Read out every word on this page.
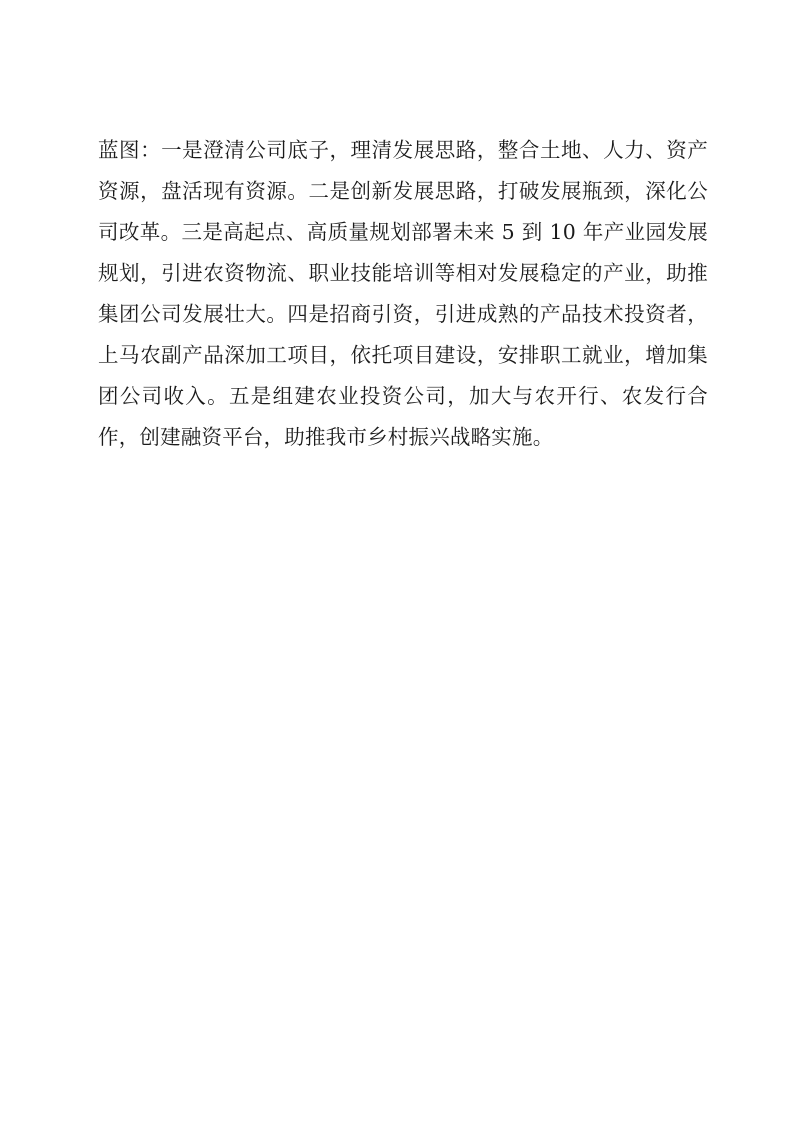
蓝图：一是澄清公司底子，理清发展思路，整合土地、人力、资产资源，盘活现有资源。二是创新发展思路，打破发展瓶颈，深化公司改革。三是高起点、高质量规划部署未来 5 到 10 年产业园发展规划，引进农资物流、职业技能培训等相对发展稳定的产业，助推集团公司发展壮大。四是招商引资，引进成熟的产品技术投资者，上马农副产品深加工项目，依托项目建设，安排职工就业，增加集团公司收入。五是组建农业投资公司，加大与农开行、农发行合作，创建融资平台，助推我市乡村振兴战略实施。
